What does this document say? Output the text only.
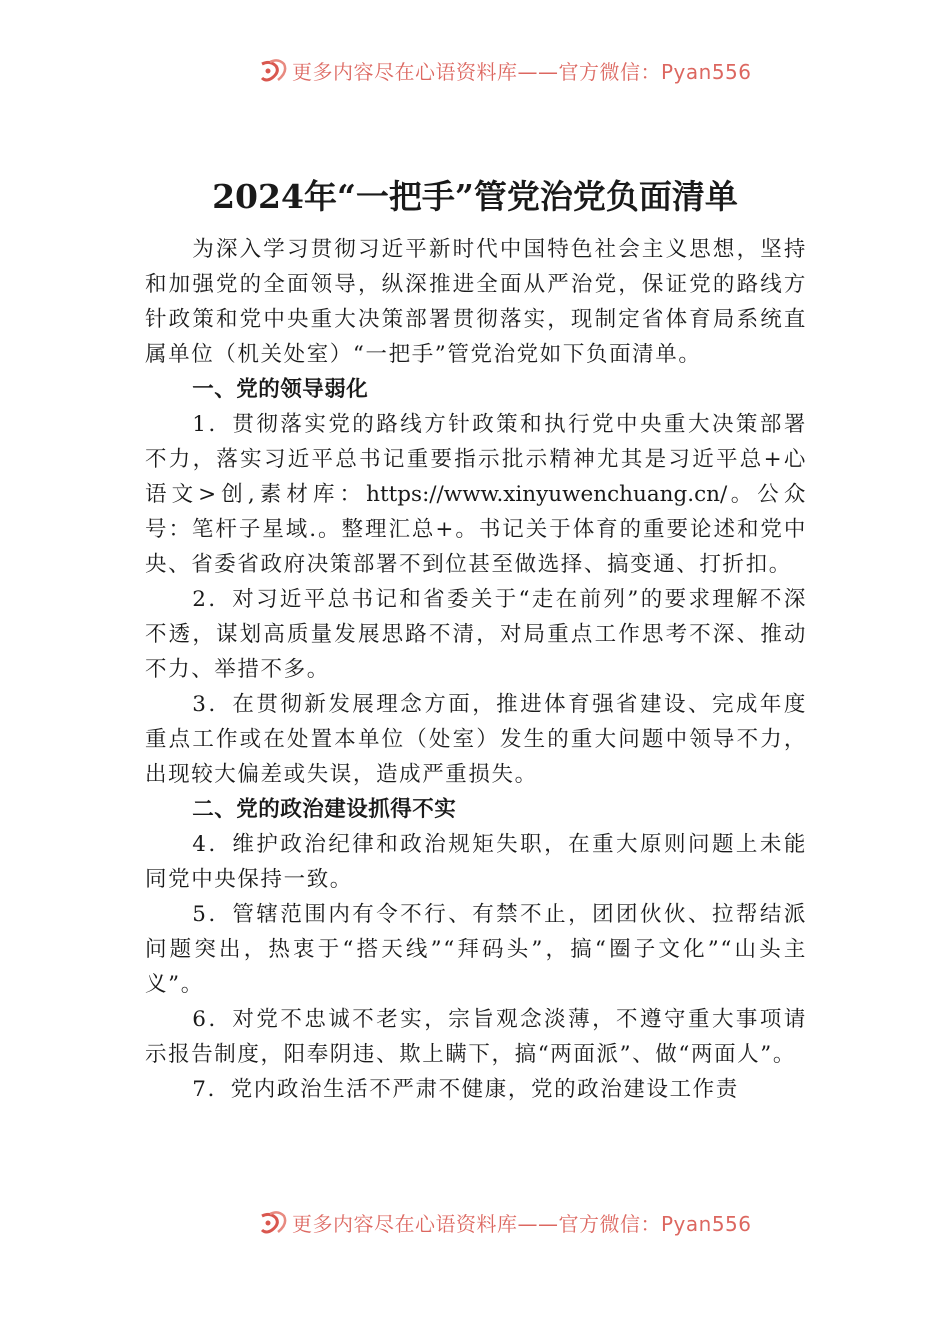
更多内容尽在心语资料库——官方微信：Pyan556
2024年“一把手”管党治党负面清单

为深入学习贯彻习近平新时代中国特色社会主义思想，坚持和加强党的全面领导，纵深推进全面从严治党，保证党的路线方针政策和党中央重大决策部署贯彻落实，现制定省体育局系统直属单位（机关处室）“一把手”管党治党如下负面清单。

一、党的领导弱化

1．贯彻落实党的路线方针政策和执行党中央重大决策部署不力，落实习近平总书记重要指示批示精神尤其是习近平总+心语文>创,素材库：https://www.xinyuwenchuang.cn/。公众号：笔杆子星域.。整理汇总+。书记关于体育的重要论述和党中央、省委省政府决策部署不到位甚至做选择、搞变通、打折扣。

2．对习近平总书记和省委关于“走在前列”的要求理解不深不透，谋划高质量发展思路不清，对局重点工作思考不深、推动不力、举措不多。

3．在贯彻新发展理念方面，推进体育强省建设、完成年度重点工作或在处置本单位（处室）发生的重大问题中领导不力，出现较大偏差或失误，造成严重损失。

二、党的政治建设抓得不实

4．维护政治纪律和政治规矩失职，在重大原则问题上未能同党中央保持一致。

5．管辖范围内有令不行、有禁不止，团团伙伙、拉帮结派问题突出，热衷于“搭天线”“拜码头”，搞“圈子文化”“山头主义”。

6．对党不忠诚不老实，宗旨观念淡薄，不遵守重大事项请示报告制度，阳奉阴违、欺上瞒下，搞“两面派”、做“两面人”。

7．党内政治生活不严肃不健康，党的政治建设工作责

更多内容尽在心语资料库——官方微信：Pyan556
